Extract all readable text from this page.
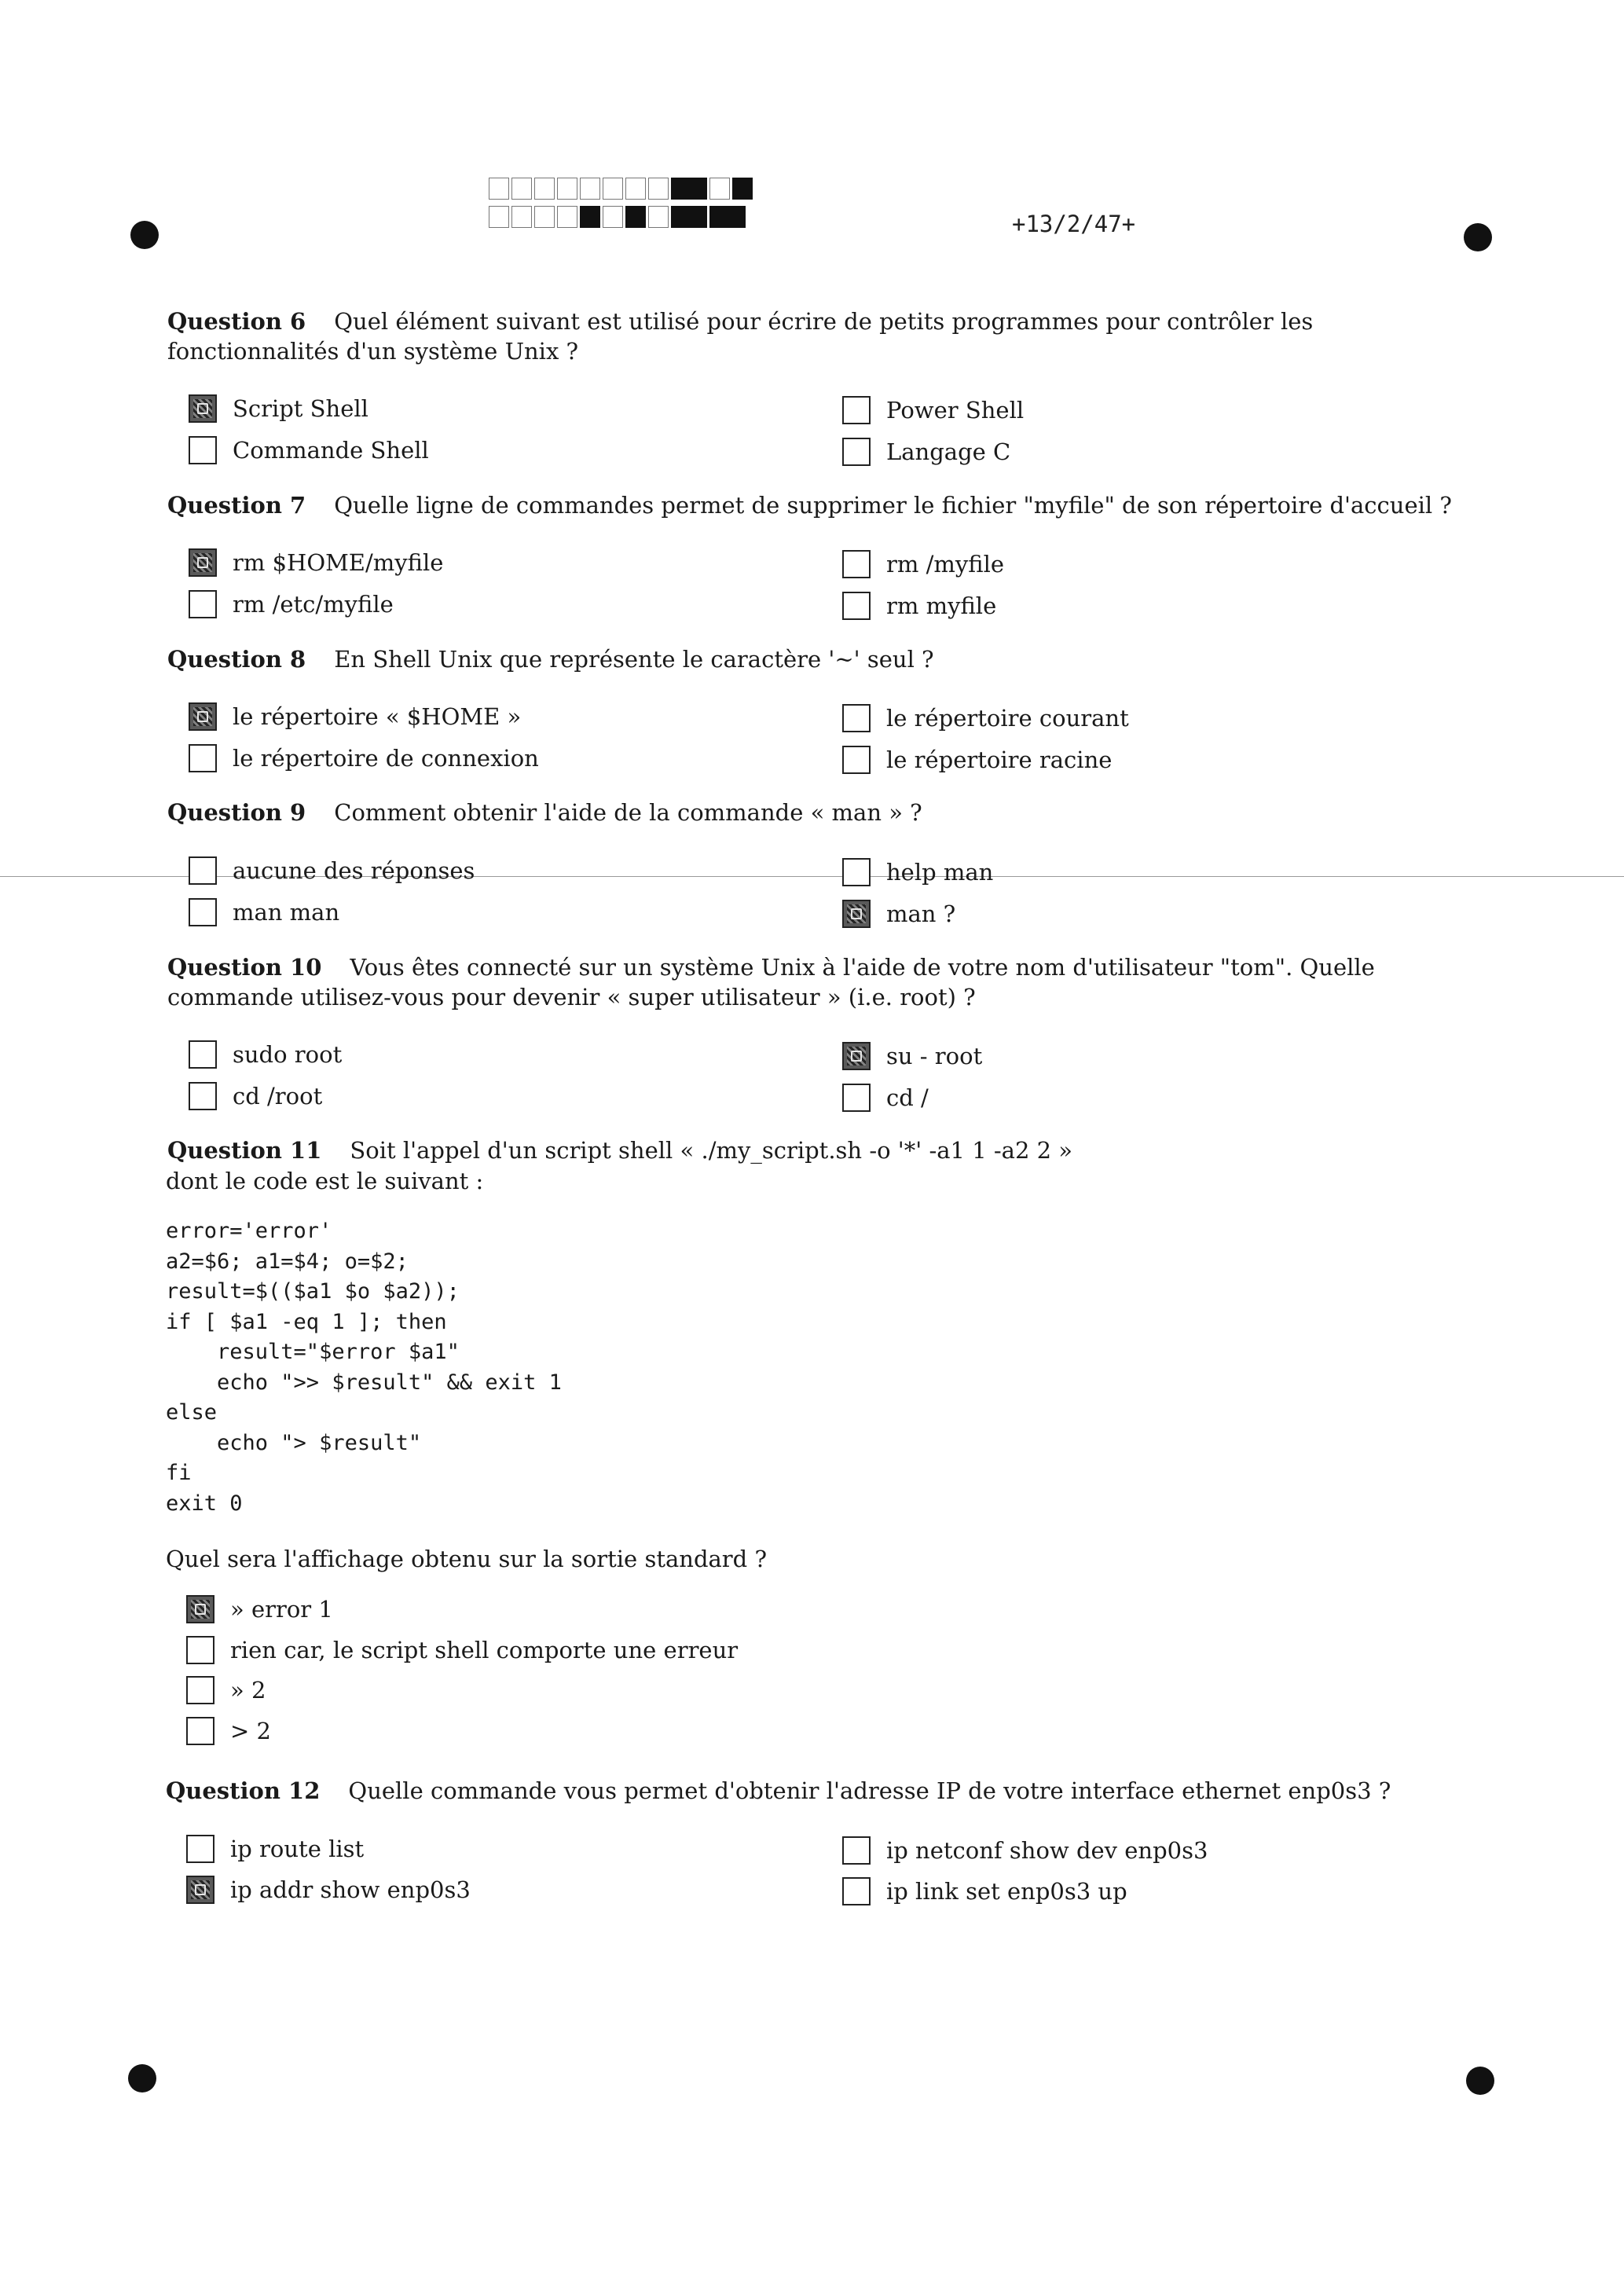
+13/2/47+
Question 6 Quel élément suivant est utilisé pour écrire de petits programmes pour contrôler les fonctionnalités d'un système Unix ?
Script Shell	Power Shell
Commande Shell	Langage C
Question 7 Quelle ligne de commandes permet de supprimer le fichier "myfile" de son répertoire d'accueil ?
rm $HOME/myfile	rm /myfile
rm /etc/myfile	rm myfile
Question 8 En Shell Unix que représente le caractère '~' seul ?
le répertoire « $HOME »	le répertoire courant
le répertoire de connexion	le répertoire racine
Question 9 Comment obtenir l'aide de la commande « man » ?
aucune des réponses	help man
man man	man ?
Question 10 Vous êtes connecté sur un système Unix à l'aide de votre nom d'utilisateur "tom". Quelle commande utilisez-vous pour devenir « super utilisateur » (i.e. root) ?
sudo root	su - root
cd /root	cd /
Question 11 Soit l'appel d'un script shell « ./my_script.sh -o '*' -a1 1 -a2 2 »
dont le code est le suivant :
error='error'
a2=$6; a1=$4; o=$2;
result=$(($a1 $o $a2));
if [ $a1 -eq 1 ]; then
result="$error $a1"
echo ">> $result" && exit 1
else
echo "> $result"
fi
exit 0
Quel sera l'affichage obtenu sur la sortie standard ?
» error 1
rien car, le script shell comporte une erreur
» 2
> 2
Question 12 Quelle commande vous permet d'obtenir l'adresse IP de votre interface ethernet enp0s3 ?
ip route list	ip netconf show dev enp0s3
ip addr show enp0s3	ip link set enp0s3 up
